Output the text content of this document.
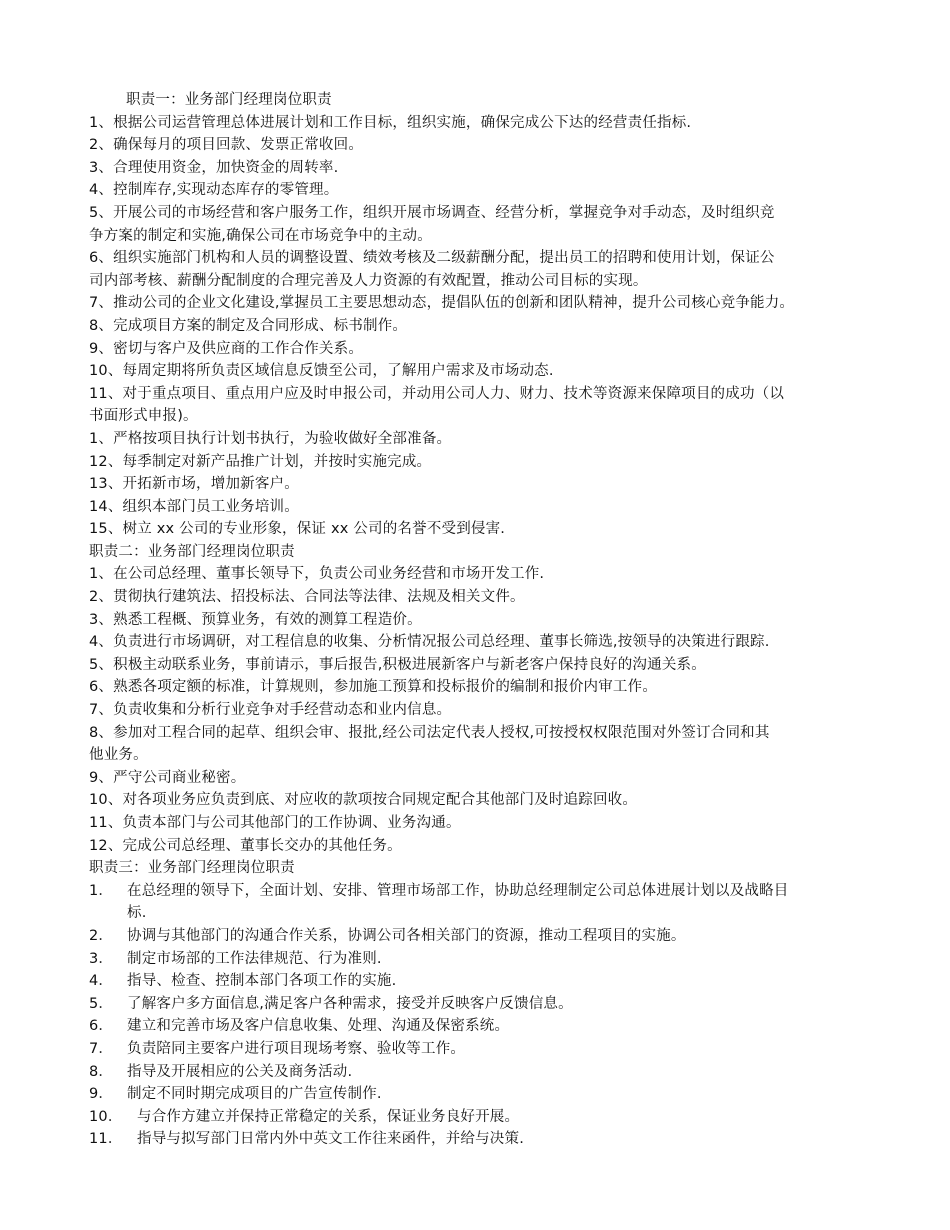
职责一：业务部门经理岗位职责
1、根据公司运营管理总体进展计划和工作目标，组织实施，确保完成公下达的经营责任指标.
2、确保每月的项目回款、发票正常收回。
3、合理使用资金，加快资金的周转率.
4、控制库存,实现动态库存的零管理。
5、开展公司的市场经营和客户服务工作，组织开展市场调查、经营分析，掌握竞争对手动态，及时组织竞
争方案的制定和实施,确保公司在市场竞争中的主动。
6、组织实施部门机构和人员的调整设置、绩效考核及二级薪酬分配，提出员工的招聘和使用计划，保证公
司内部考核、薪酬分配制度的合理完善及人力资源的有效配置，推动公司目标的实现。
7、推动公司的企业文化建设,掌握员工主要思想动态，提倡队伍的创新和团队精神，提升公司核心竞争能力。
8、完成项目方案的制定及合同形成、标书制作。
9、密切与客户及供应商的工作合作关系。
10、每周定期将所负责区域信息反馈至公司，了解用户需求及市场动态.
11、对于重点项目、重点用户应及时申报公司，并动用公司人力、财力、技术等资源来保障项目的成功（以
书面形式申报)。
1、严格按项目执行计划书执行，为验收做好全部准备。
12、每季制定对新产品推广计划，并按时实施完成。
13、开拓新市场，增加新客户。
14、组织本部门员工业务培训。
15、树立 xx 公司的专业形象，保证 xx 公司的名誉不受到侵害.
职责二：业务部门经理岗位职责
1、在公司总经理、董事长领导下，负责公司业务经营和市场开发工作.
2、贯彻执行建筑法、招投标法、合同法等法律、法规及相关文件。
3、熟悉工程概、预算业务，有效的测算工程造价。
4、负责进行市场调研，对工程信息的收集、分析情况报公司总经理、董事长筛选,按领导的决策进行跟踪.
5、积极主动联系业务，事前请示，事后报告,积极进展新客户与新老客户保持良好的沟通关系。
6、熟悉各项定额的标准，计算规则，参加施工预算和投标报价的编制和报价内审工作。
7、负责收集和分析行业竞争对手经营动态和业内信息。
8、参加对工程合同的起草、组织会审、报批,经公司法定代表人授权,可按授权权限范围对外签订合同和其
他业务。
9、严守公司商业秘密。
10、对各项业务应负责到底、对应收的款项按合同规定配合其他部门及时追踪回收。
11、负责本部门与公司其他部门的工作协调、业务沟通。
12、完成公司总经理、董事长交办的其他任务。
职责三：业务部门经理岗位职责
1． 在总经理的领导下，全面计划、安排、管理市场部工作，协助总经理制定公司总体进展计划以及战略目
标.
2． 协调与其他部门的沟通合作关系，协调公司各相关部门的资源，推动工程项目的实施。
3． 制定市场部的工作法律规范、行为准则.
4． 指导、检查、控制本部门各项工作的实施.
5． 了解客户多方面信息,满足客户各种需求，接受并反映客户反馈信息。
6． 建立和完善市场及客户信息收集、处理、沟通及保密系统。
7． 负责陪同主要客户进行项目现场考察、验收等工作。
8． 指导及开展相应的公关及商务活动.
9． 制定不同时期完成项目的广告宣传制作.
10． 与合作方建立并保持正常稳定的关系，保证业务良好开展。
11． 指导与拟写部门日常内外中英文工作往来函件，并给与决策.
